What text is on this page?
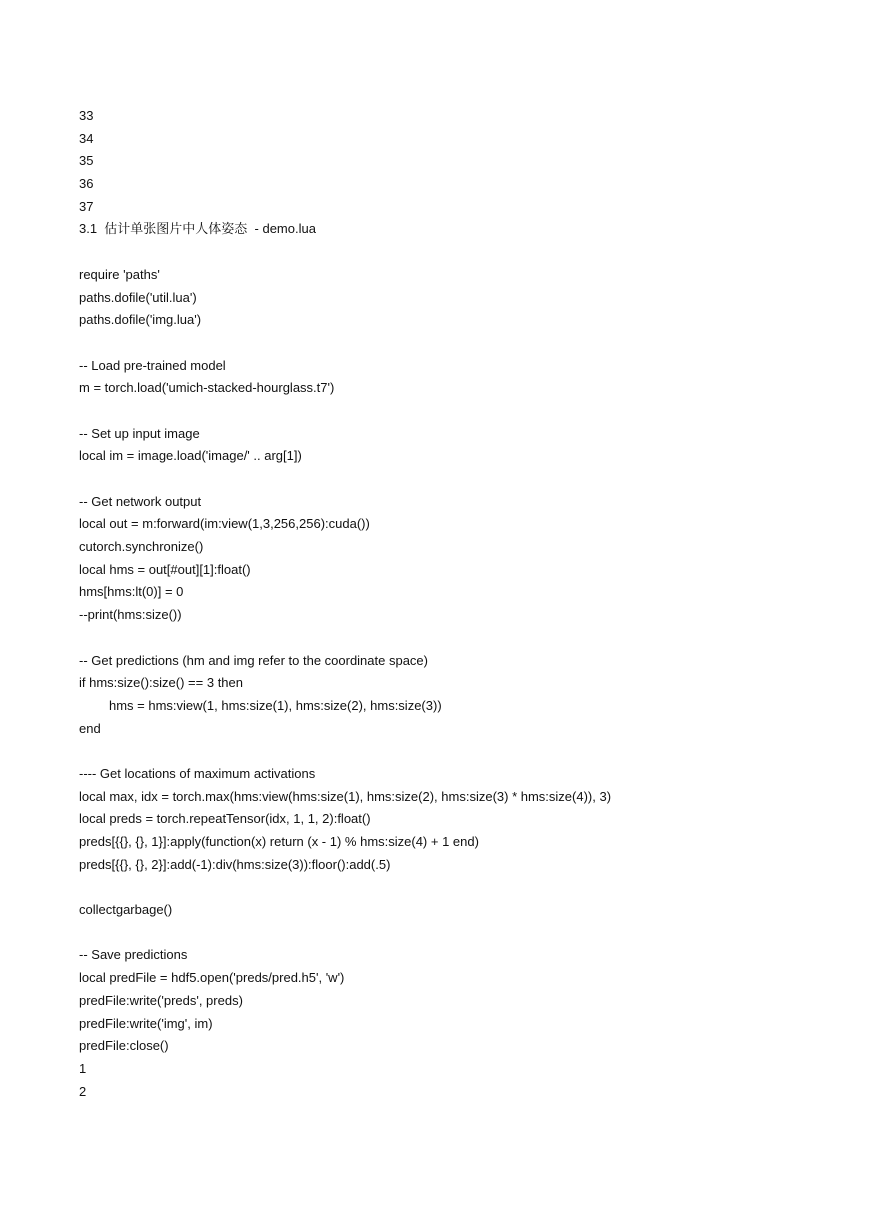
33
34
35
36
37
3.1  估计单张图片中人体姿态  - demo.lua
require 'paths'
paths.dofile('util.lua')
paths.dofile('img.lua')
-- Load pre-trained model
m = torch.load('umich-stacked-hourglass.t7')
-- Set up input image
local im = image.load('image/' .. arg[1])
-- Get network output
local out = m:forward(im:view(1,3,256,256):cuda())
cutorch.synchronize()
local hms = out[#out][1]:float()
hms[hms:lt(0)] = 0
--print(hms:size())
-- Get predictions (hm and img refer to the coordinate space)
if hms:size():size() == 3 then
hms = hms:view(1, hms:size(1), hms:size(2), hms:size(3))
end
---- Get locations of maximum activations
local max, idx = torch.max(hms:view(hms:size(1), hms:size(2), hms:size(3) * hms:size(4)), 3)
local preds = torch.repeatTensor(idx, 1, 1, 2):float()
preds[{{}, {}, 1}]:apply(function(x) return (x - 1) % hms:size(4) + 1 end)
preds[{{}, {}, 2}]:add(-1):div(hms:size(3)):floor():add(.5)
collectgarbage()
-- Save predictions
local predFile = hdf5.open('preds/pred.h5', 'w')
predFile:write('preds', preds)
predFile:write('img', im)
predFile:close()
1
2
